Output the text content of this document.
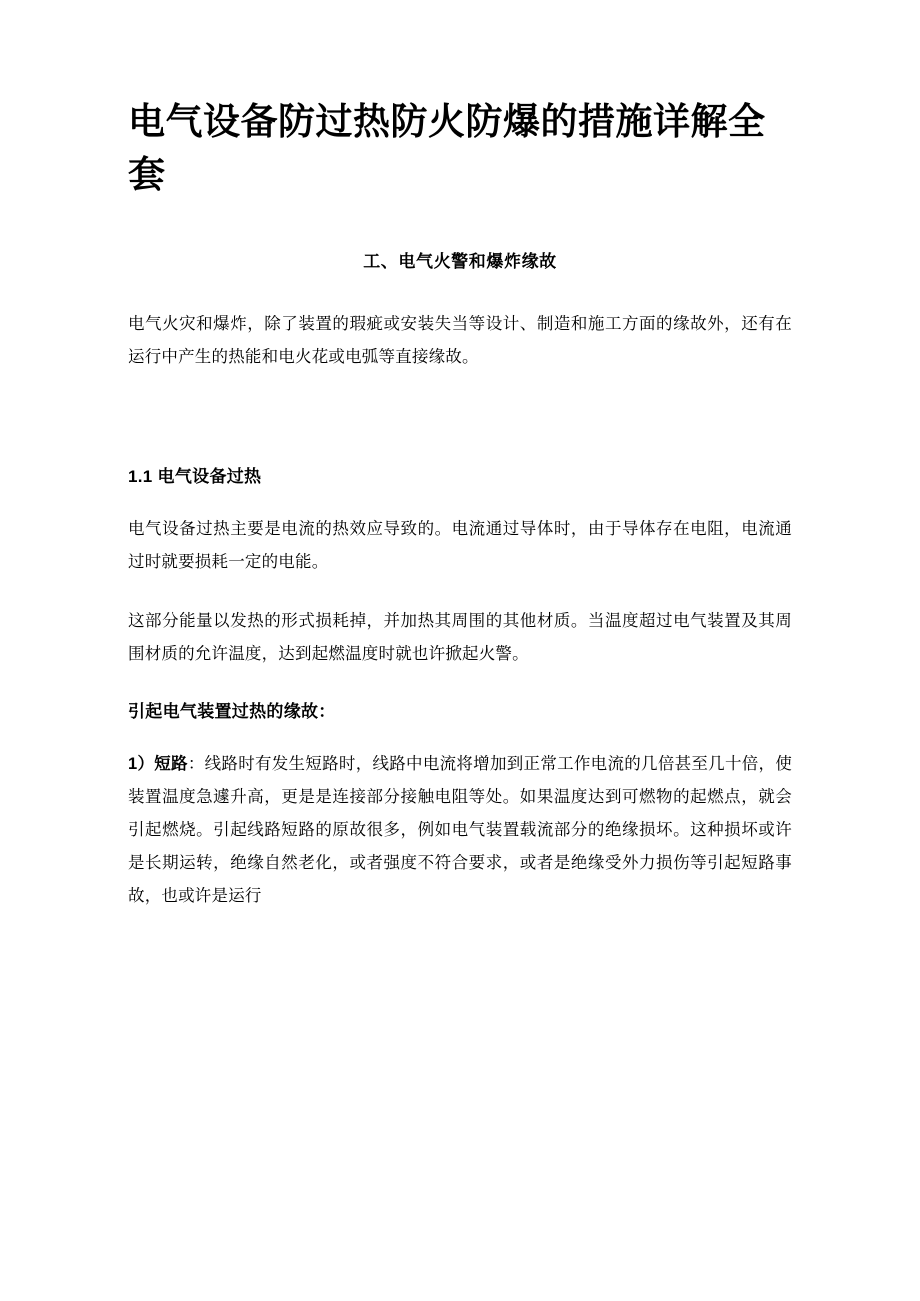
电气设备防过热防火防爆的措施详解全套
工、电气火警和爆炸缘故

电气火灾和爆炸，除了装置的瑕疵或安装失当等设计、制造和施工方面的缘故外，还有在运行中产生的热能和电火花或电弧等直接缘故。

1.1 电气设备过热

电气设备过热主要是电流的热效应导致的。电流通过导体时，由于导体存在电阻，电流通过时就要损耗一定的电能。

这部分能量以发热的形式损耗掉，并加热其周围的其他材质。当温度超过电气装置及其周围材质的允许温度，达到起燃温度时就也许掀起火警。

引起电气装置过热的缘故：

1）短路：线路时有发生短路时，线路中电流将增加到正常工作电流的几倍甚至几十倍，使装置温度急遽升高，更是是连接部分接触电阻等处。如果温度达到可燃物的起燃点，就会引起燃烧。引起线路短路的原故很多，例如电气装置载流部分的绝缘损坏。这种损坏或许是长期运转，绝缘自然老化，或者强度不符合要求，或者是绝缘受外力损伤等引起短路事故，也或许是运行
